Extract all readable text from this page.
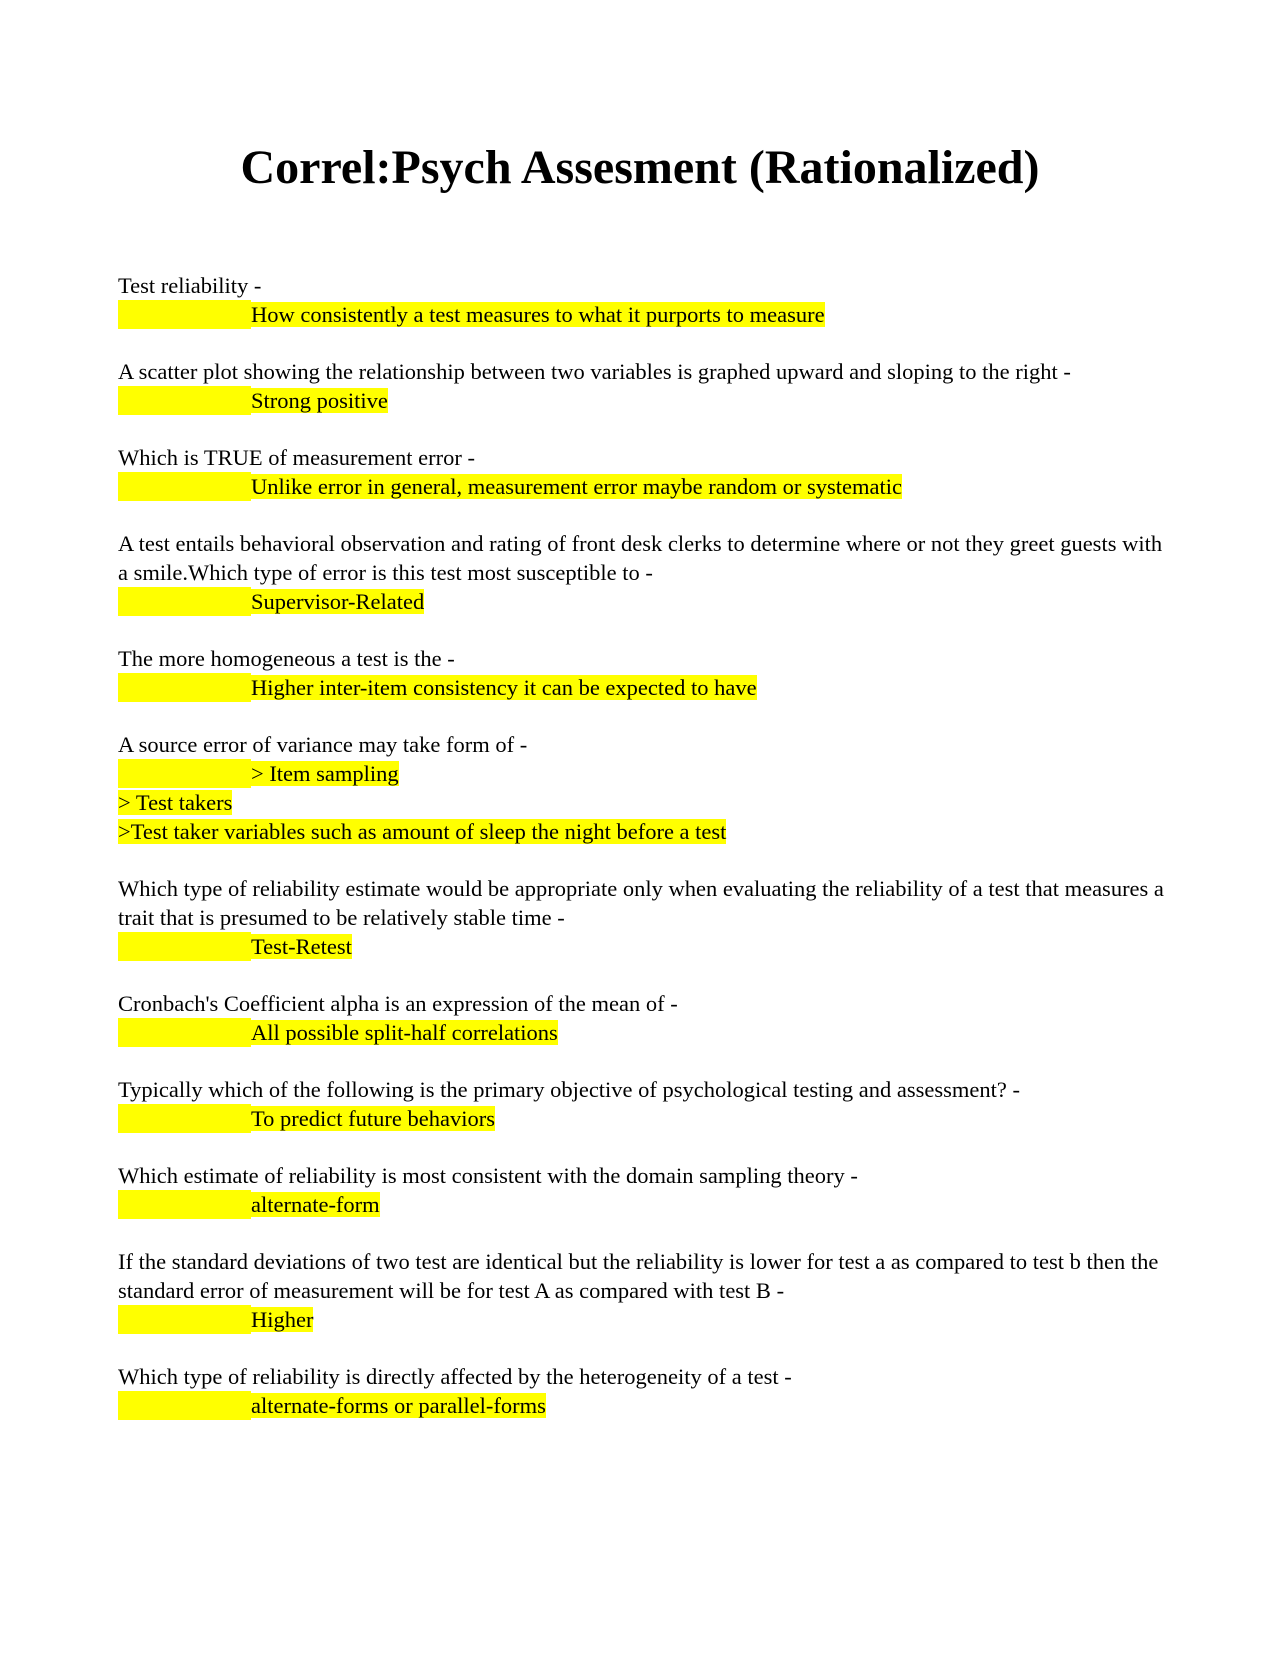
Correl:Psych Assesment (Rationalized)

Test reliability -

How consistently a test measures to what it purports to measure

A scatter plot showing the relationship between two variables is graphed upward and sloping to the right -

Strong positive

Which is TRUE of measurement error -

Unlike error in general, measurement error maybe random or systematic

A test entails behavioral observation and rating of front desk clerks to determine where or not they greet guests with a smile.Which type of error is this test most susceptible to -

Supervisor-Related

The more homogeneous a test is the -

Higher inter-item consistency it can be expected to have

A source error of variance may take form of -

> Item sampling

> Test takers

>Test taker variables such as amount of sleep the night before a test

Which type of reliability estimate would be appropriate only when evaluating the reliability of a test that measures a trait that is presumed to be relatively stable time -

Test-Retest

Cronbach's Coefficient alpha is an expression of the mean of -

All possible split-half correlations

Typically which of the following is the primary objective of psychological testing and assessment? -

To predict future behaviors

Which estimate of reliability is most consistent with the domain sampling theory -

alternate-form

If the standard deviations of two test are identical but the reliability is lower for test a as compared to test b then the standard error of measurement will be for test A as compared with test B -

Higher

Which type of reliability is directly affected by the heterogeneity of a test -

alternate-forms or parallel-forms
